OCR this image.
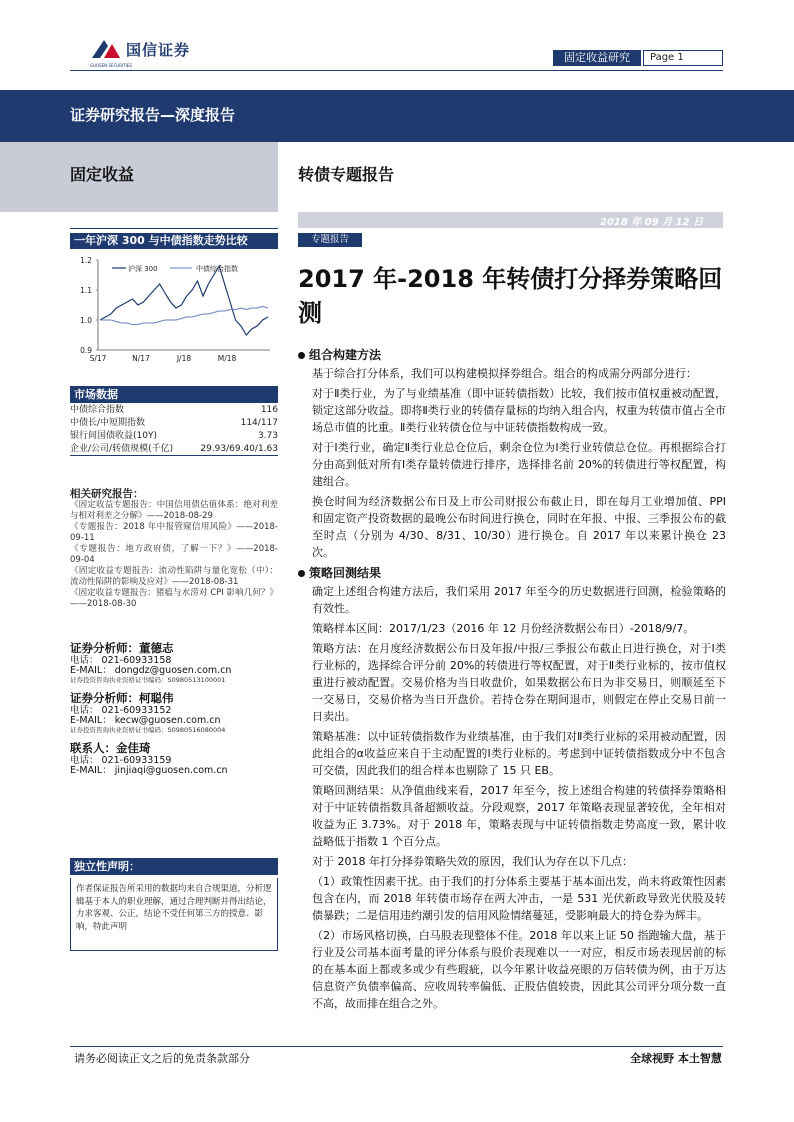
国信证券
GUOSEN SECURITIES
固定收益研究	Page 1
证券研究报告—深度报告
固定收益	转债专题报告
2018 年 09 月 12 日
一年沪深 300 与中债指数走势比较
1.2
1.1
1.0
0.9
S/17	N/17	J/18	M/18
沪深 300	中债综合指数
市场数据
中债综合指数	116
中债长/中短期指数	114/117
银行间国债收益(10Y)	3.73
企业/公司/转债规模(千亿)	29.93/69.40/1.63
相关研究报告：
《固定收益专题报告：中国信用债估值体系：绝对利差与相对利差之分解》——2018-08-29
《专题报告：2018 年中报管窥信用风险》——2018-09-11
《专题报告：地方政府债，了解一下？》——2018-09-04
《固定收益专题报告：流动性陷阱与量化宽松（中）：流动性陷阱的影响及应对》——2018-08-31
《固定收益专题报告：猪瘟与水涝对 CPI 影响几何？》——2018-08-30
证券分析师：董德志
电话： 021-60933158
E-MAIL： dongdz@guosen.com.cn
证券投资咨询执业资格证书编码：S0980513100001
证券分析师：柯聪伟
电话： 021-60933152
E-MAIL： kecw@guosen.com.cn
证券投资咨询执业资格证书编码：S0980516080004
联系人：金佳琦
电话： 021-60933159
E-MAIL： jinjiaqi@guosen.com.cn
独立性声明：
作者保证报告所采用的数据均来自合规渠道，分析逻辑基于本人的职业理解，通过合理判断并得出结论，力求客观、公正，结论不受任何第三方的授意、影响，特此声明
专题报告
2017 年-2018 年转债打分择券策略回测
组合构建方法

基于综合打分体系，我们可以构建模拟择券组合。组合的构成需分两部分进行：

对于Ⅱ类行业，为了与业绩基准（即中证转债指数）比较，我们按市值权重被动配置，锁定这部分收益。即将Ⅱ类行业的转债存量标的均纳入组合内，权重为转债市值占全市场总市值的比重。Ⅱ类行业转债仓位与中证转债指数构成一致。

对于Ⅰ类行业，确定Ⅱ类行业总仓位后，剩余仓位为Ⅰ类行业转债总仓位。再根据综合打分由高到低对所有Ⅰ类存量转债进行排序，选择排名前 20%的转债进行等权配置，构建组合。

换仓时间为经济数据公布日及上市公司财报公布截止日，即在每月工业增加值、PPI 和固定资产投资数据的最晚公布时间进行换仓，同时在年报、中报、三季报公布的截至时点（分别为 4/30、8/31、10/30）进行换仓。自 2017 年以来累计换仓 23 次。

策略回测结果

确定上述组合构建方法后，我们采用 2017 年至今的历史数据进行回测，检验策略的有效性。

策略样本区间：2017/1/23（2016 年 12 月份经济数据公布日）-2018/9/7。

策略方法：在月度经济数据公布日及年报/中报/三季报公布截止日进行换仓，对于Ⅰ类行业标的，选择综合评分前 20%的转债进行等权配置，对于Ⅱ类行业标的，按市值权重进行被动配置。交易价格为当日收盘价，如果数据公布日为非交易日，则顺延至下一交易日，交易价格为当日开盘价。若持仓券在期间退市，则假定在停止交易日前一日卖出。

策略基准：以中证转债指数作为业绩基准，由于我们对Ⅱ类行业标的采用被动配置，因此组合的α收益应来自于主动配置的Ⅰ类行业标的。考虑到中证转债指数成分中不包含可交债，因此我们的组合样本也剔除了 15 只 EB。

策略回测结果：从净值曲线来看，2017 年至今，按上述组合构建的转债择券策略相对于中证转债指数具备超额收益。分段观察，2017 年策略表现显著较优，全年相对收益为正 3.73%。对于 2018 年，策略表现与中证转债指数走势高度一致，累计收益略低于指数 1 个百分点。

对于 2018 年打分择券策略失效的原因，我们认为存在以下几点：

（1）政策性因素干扰。由于我们的打分体系主要基于基本面出发，尚未将政策性因素包含在内，而 2018 年转债市场存在两大冲击，一是 531 光伏新政导致光伏股及转债暴跌；二是信用违约潮引发的信用风险情绪蔓延，受影响最大的持仓券为辉丰。

（2）市场风格切换，白马股表现整体不佳。2018 年以来上证 50 指跑输大盘，基于行业及公司基本面考量的评分体系与股价表现难以一一对应，相反市场表现居前的标的在基本面上都或多或少有些瑕疵，以今年累计收益亮眼的万信转债为例，由于万达信息资产负债率偏高、应收周转率偏低、正股估值较贵，因此其公司评分项分数一直不高，故而排在组合之外。

请务必阅读正文之后的免责条款部分	全球视野 本土智慧
